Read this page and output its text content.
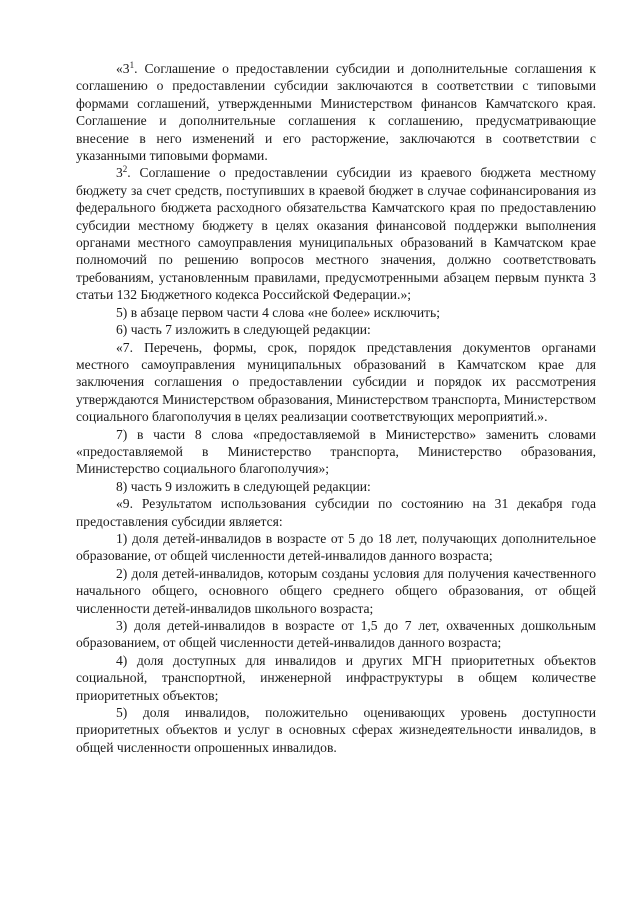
«$3^1$. Соглашение о предоставлении субсидии и дополнительные соглашения к соглашению о предоставлении субсидии заключаются в соответствии с типовыми формами соглашений, утвержденными Министерством финансов Камчатского края. Соглашение и дополнительные соглашения к соглашению, предусматривающие внесение в него изменений и его расторжение, заключаются в соответствии с указанными типовыми формами.

$3^2$. Соглашение о предоставлении субсидии из краевого бюджета местному бюджету за счет средств, поступивших в краевой бюджет в случае софинансирования из федерального бюджета расходного обязательства Камчатского края по предоставлению субсидии местному бюджету в целях оказания финансовой поддержки выполнения органами местного самоуправления муниципальных образований в Камчатском крае полномочий по решению вопросов местного значения, должно соответствовать требованиям, установленным правилами, предусмотренными абзацем первым пункта 3 статьи 132 Бюджетного кодекса Российской Федерации.»;

5) в абзаце первом части 4 слова «не более» исключить;

6) часть 7 изложить в следующей редакции:

«7. Перечень, формы, срок, порядок представления документов органами местного самоуправления муниципальных образований в Камчатском крае для заключения соглашения о предоставлении субсидии и порядок их рассмотрения утверждаются Министерством образования, Министерством транспорта, Министерством социального благополучия в целях реализации соответствующих мероприятий.».

7) в части 8 слова «предоставляемой в Министерство» заменить словами «предоставляемой в Министерство транспорта, Министерство образования, Министерство социального благополучия»;

8) часть 9 изложить в следующей редакции:

«9. Результатом использования субсидии по состоянию на 31 декабря года предоставления субсидии является:

1) доля детей-инвалидов в возрасте от 5 до 18 лет, получающих дополнительное образование, от общей численности детей-инвалидов данного возраста;

2) доля детей-инвалидов, которым созданы условия для получения качественного начального общего, основного общего среднего общего образования, от общей численности детей-инвалидов школьного возраста;

3) доля детей-инвалидов в возрасте от 1,5 до 7 лет, охваченных дошкольным образованием, от общей численности детей-инвалидов данного возраста;

4) доля доступных для инвалидов и других МГН приоритетных объектов социальной, транспортной, инженерной инфраструктуры в общем количестве приоритетных объектов;

5) доля инвалидов, положительно оценивающих уровень доступности приоритетных объектов и услуг в основных сферах жизнедеятельности инвалидов, в общей численности опрошенных инвалидов.
